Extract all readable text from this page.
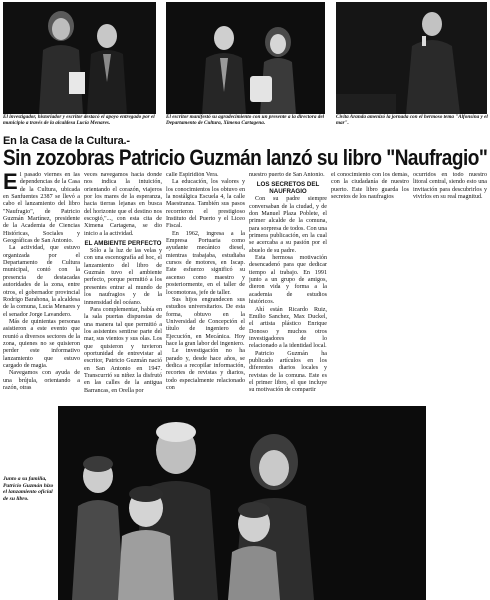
El investigador, historiador y escritor destacó el apoyo entregado por el municipio a través de la alcaldesa Lucía Menares.
El escritor manifestó su agradecimiento con un presente a la directora del Departamento de Cultura, Ximena Cartagena.
Civita Aranda amenizó la jornada con el hermoso tema "Alfonsina y el mar".
En la Casa de la Cultura.-
Sin zozobras Patricio Guzmán lanzó su libro "Naufragio"

El pasado viernes en las dependencias de la Casa de la Cultura, ubicada en Sanfuentes 2387 se llevó a cabo el lanzamiento del libro "Naufragio", de Patricio Guzmán Martínez, presidente de la Academia de Ciencias Históricas, Sociales y Geográficas de San Antonio.

La actividad, que estuvo organizada por el Departamento de Cultura municipal, contó con la presencia de destacadas autoridades de la zona, entre otros, el gobernador provincial Rodrigo Barahona, la alcaldesa de la comuna, Lucía Menares y el senador Jorge Lavandero.

Más de quinientas personas asistieron a este evento que reunió a diversos sectores de la zona, quienes no se quisieron perder este informativo lanzamiento que estuvo cargado de magia.

Navegamos con ayuda de una brújula, orientando a razón, otras

veces navegamos hacia donde nos indica la intuición, orientando el corazón, viajeros por los mares de la esperanza, hacia tierras lejanas en busca del horizonte que el destino nos escogió,"..., con esta cita de Ximena Cartagena, se dio inicio a la actividad.

EL AMBIENTE PERFECTO

Sólo a la luz de las velas y con una escenografía ad hoc, el lanzamiento del libro de Guzmán tuvo el ambiente perfecto, porque permitió a los presentes entrar al mundo de los naufragios y de la inmensidad del océano.

Para complementar, había en la sala puertas dispuestas de una manera tal que permitió a los asistentes sentirse parte del mar, sus vientos y sus olas. Los que quisieron y tuvieron oportunidad de entrevistar al escritor, Patricio Guzmán nació en San Antonio en 1947. Transcurrió su niñez la disfrutó en las calles de la antigua Barrancas, en Orella por

calle Espiridión Vera.

La educación, los valores y los conocimientos los obtuvo en la nostálgica Escuela 4, la calle Maestranza. También sus pasos recorrieron el prestigioso Instituto del Puerto y el Liceo Fiscal.

En 1962, ingresa a la Empresa Portuaria como ayudante mecánico diesel, mientras trabajaba, estudiaba cursos de motores, en Iscap. Este esfuerzo significó su ascenso como maestro y posteriormente, en el taller de locomotoras, jefe de taller.

Sus hijos engrandecen sus estudios universitarios. De esta forma, obtuvo en la Universidad de Concepción el título de ingeniero de Ejecución, en Mecánica. Hoy hace la gran labor del ingeniero.

Le investigación no ha parado y, desde hace años, se dedica a recopilar información, recortes de revistas y diarios, todo especialmente relacionado con

nuestro puerto de San Antonio.

LOS SECRETOS DEL NAUFRAGIO

Con su padre siempre conversaban de la ciudad, y de don Manuel Plaza Poblete, el primer alcalde de la comuna, para sorpresa de todos. Con una primera publicación, en la cual se acercaba a su pasión por el abuelo de su padre.

Esta hermosa motivación desencadenó para que dedicar tiempo al trabajo. En 1991 junto a un grupo de amigos, dieron vida y forma a la academia de estudios históricos.

Ahí están Ricardo Ruiz, Emilio Sanchez, Max Duckel, el artista plástico Enrique Donoso y muchos otros investigadores de lo relacionado a la identidad local.

Patricio Guzmán ha publicado artículos en los diferentes diarios locales y revistas de la comuna. Este es el primer libro, el que incluye su motivación de compartir

el conocimiento con los demás, con la ciudadanía de nuestro puerto. Este libro guarda los secretos de los naufragios

ocurridos en todo nuestro litoral central, siendo esto una invitación para descubrirlos y vivirlos en su real magnitud.

Junto a su familia, Patricio Guzmán hizo el lanzamiento oficial de su libro.
